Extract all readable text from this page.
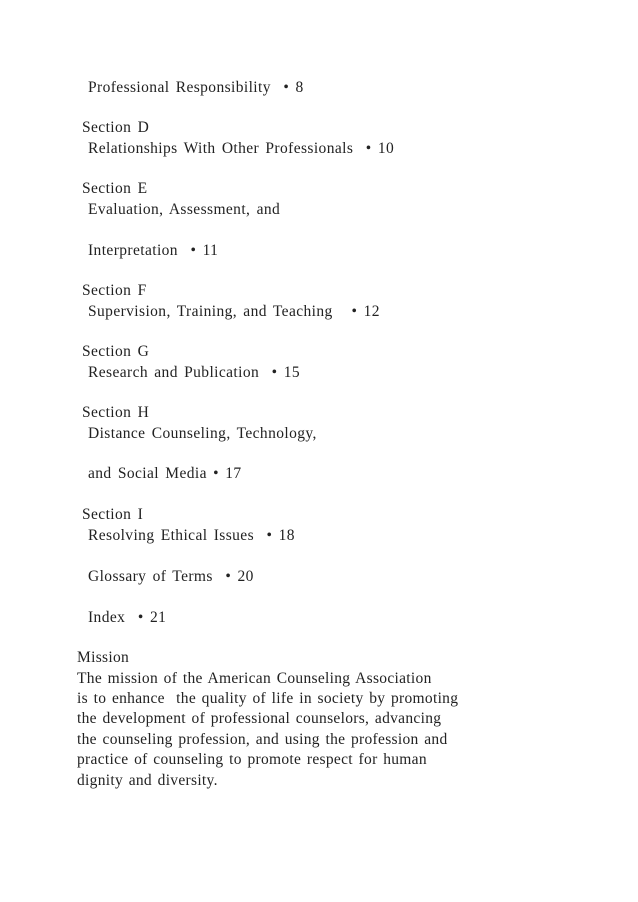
Professional Responsibility  • 8
Section D
Relationships With Other Professionals  • 10
Section E
Evaluation, Assessment, and
Interpretation  • 11
Section F
Supervision, Training, and Teaching   • 12
Section G
Research and Publication  • 15
Section H
Distance Counseling, Technology,
and Social Media • 17
Section I
Resolving Ethical Issues  • 18
Glossary of Terms  • 20
Index  • 21
Mission
The mission of the American Counseling Association
is to enhance  the quality of life in society by promoting
the development of professional counselors, advancing
the counseling profession, and using the profession and
practice of counseling to promote respect for human
dignity and diversity.
